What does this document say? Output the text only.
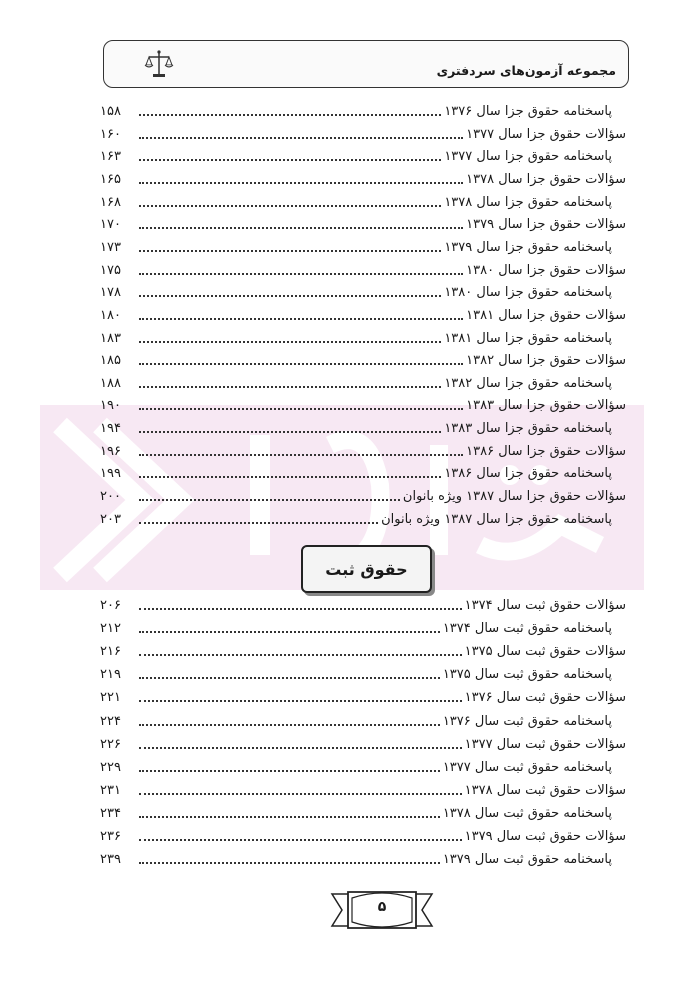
مجموعه آزمون‌های سردفتری
پاسخنامه حقوق جزا سال ۱۳۷۶
۱۵۸
سؤالات حقوق جزا سال ۱۳۷۷
۱۶۰
پاسخنامه حقوق جزا سال ۱۳۷۷
۱۶۳
سؤالات حقوق جزا سال ۱۳۷۸
۱۶۵
پاسخنامه حقوق جزا سال ۱۳۷۸
۱۶۸
سؤالات حقوق جزا سال ۱۳۷۹
۱۷۰
پاسخنامه حقوق جزا سال ۱۳۷۹
۱۷۳
سؤالات حقوق جزا سال ۱۳۸۰
۱۷۵
پاسخنامه حقوق جزا سال ۱۳۸۰
۱۷۸
سؤالات حقوق جزا سال ۱۳۸۱
۱۸۰
پاسخنامه حقوق جزا سال ۱۳۸۱
۱۸۳
سؤالات حقوق جزا سال ۱۳۸۲
۱۸۵
پاسخنامه حقوق جزا سال ۱۳۸۲
۱۸۸
سؤالات حقوق جزا سال ۱۳۸۳
۱۹۰
پاسخنامه حقوق جزا سال ۱۳۸۳
۱۹۴
سؤالات حقوق جزا سال ۱۳۸۶
۱۹۶
پاسخنامه حقوق جزا سال ۱۳۸۶
۱۹۹
سؤالات حقوق جزا سال ۱۳۸۷ ویژه بانوان
۲۰۰
پاسخنامه حقوق جزا سال ۱۳۸۷ ویژه بانوان
۲۰۳
حقوق ثبت
سؤالات حقوق ثبت سال ۱۳۷۴
۲۰۶
پاسخنامه حقوق ثبت سال ۱۳۷۴
۲۱۲
سؤالات حقوق ثبت سال ۱۳۷۵
۲۱۶
پاسخنامه حقوق ثبت سال ۱۳۷۵
۲۱۹
سؤالات حقوق ثبت سال ۱۳۷۶
۲۲۱
پاسخنامه حقوق ثبت سال ۱۳۷۶
۲۲۴
سؤالات حقوق ثبت سال ۱۳۷۷
۲۲۶
پاسخنامه حقوق ثبت سال ۱۳۷۷
۲۲۹
سؤالات حقوق ثبت سال ۱۳۷۸
۲۳۱
پاسخنامه حقوق ثبت سال ۱۳۷۸
۲۳۴
سؤالات حقوق ثبت سال ۱۳۷۹
۲۳۶
پاسخنامه حقوق ثبت سال ۱۳۷۹
۲۳۹
۵
